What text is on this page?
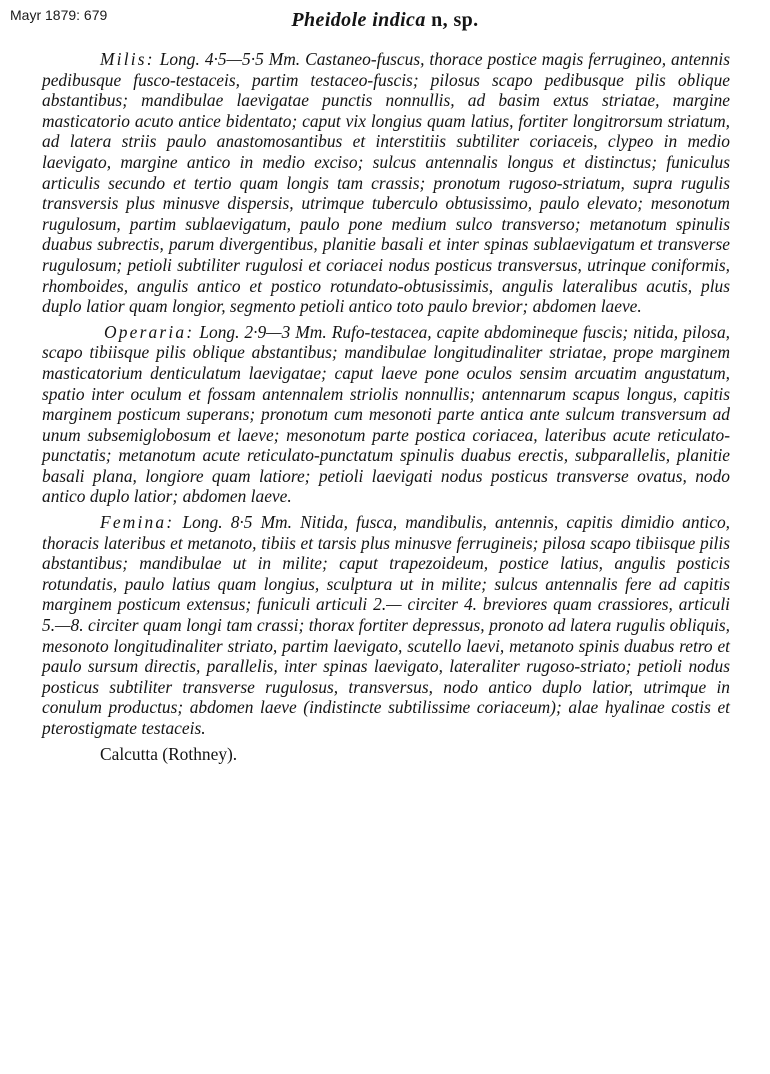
Mayr 1879: 679	Pheidole indica n, sp.

Milis: Long. 4·5—5·5 Mm. Castaneo-fuscus, thorace postice magis ferrugineo, antennis pedibusque fusco-testaceis, partim testaceo-fuscis; pilosus scapo pedibusque pilis oblique abstantibus; mandibulae laevigatae punctis nonnullis, ad basim extus striatae, margine masticatorio acuto antice bidentato; caput vix longius quam latius, fortiter longitrorsum striatum, ad latera striis paulo anastomosantibus et interstitiis subtiliter coriaceis, clypeo in medio laevigato, margine antico in medio exciso; sulcus antennalis longus et distinctus; funiculus articulis secundo et tertio quam longis tam crassis; pronotum rugoso-striatum, supra rugulis transversis plus minusve dispersis, utrimque tuberculo obtusissimo, paulo elevato; mesonotum rugulosum, partim sublaevigatum, paulo pone medium sulco transverso; metanotum spinulis duabus subrectis, parum divergentibus, planitie basali et inter spinas sublaevigatum et transverse rugulosum; petioli subtiliter rugulosi et coriacei nodus posticus transversus, utrinque coniformis, rhomboides, angulis antico et postico rotundato-obtusissimis, angulis lateralibus acutis, plus duplo latior quam longior, segmento petioli antico toto paulo brevior; abdomen laeve.

Operaria: Long. 2·9—3 Mm. Rufo-testacea, capite abdomineque fuscis; nitida, pilosa, scapo tibiisque pilis oblique abstantibus; mandibulae longitudinaliter striatae, prope marginem masticatorium denticulatum laevigatae; caput laeve pone oculos sensim arcuatim angustatum, spatio inter oculum et fossam antennalem striolis nonnullis; antennarum scapus longus, capitis marginem posticum superans; pronotum cum mesonoti parte antica ante sulcum transversum ad unum subsemiglobosum et laeve; mesonotum parte postica coriacea, lateribus acute reticulato-punctatis; metanotum acute reticulato-punctatum spinulis duabus erectis, subparallelis, planitie basali plana, longiore quam latiore; petioli laevigati nodus posticus transverse ovatus, nodo antico duplo latior; abdomen laeve.

Femina: Long. 8·5 Mm. Nitida, fusca, mandibulis, antennis, capitis dimidio antico, thoracis lateribus et metanoto, tibiis et tarsis plus minusve ferrugineis; pilosa scapo tibiisque pilis abstantibus; mandibulae ut in milite; caput trapezoideum, postice latius, angulis posticis rotundatis, paulo latius quam longius, sculptura ut in milite; sulcus antennalis fere ad capitis marginem posticum extensus; funiculi articuli 2.— circiter 4. breviores quam crassiores, articuli 5.—8. circiter quam longi tam crassi; thorax fortiter depressus, pronoto ad latera rugulis obliquis, mesonoto longitudinaliter striato, partim laevigato, scutello laevi, metanoto spinis duabus retro et paulo sursum directis, parallelis, inter spinas laevigato, lateraliter rugoso-striato; petioli nodus posticus subtiliter transverse rugulosus, transversus, nodo antico duplo latior, utrimque in conulum productus; abdomen laeve (indistincte subtilissime coriaceum); alae hyalinae costis et pterostigmate testaceis.

Calcutta (Rothney).
